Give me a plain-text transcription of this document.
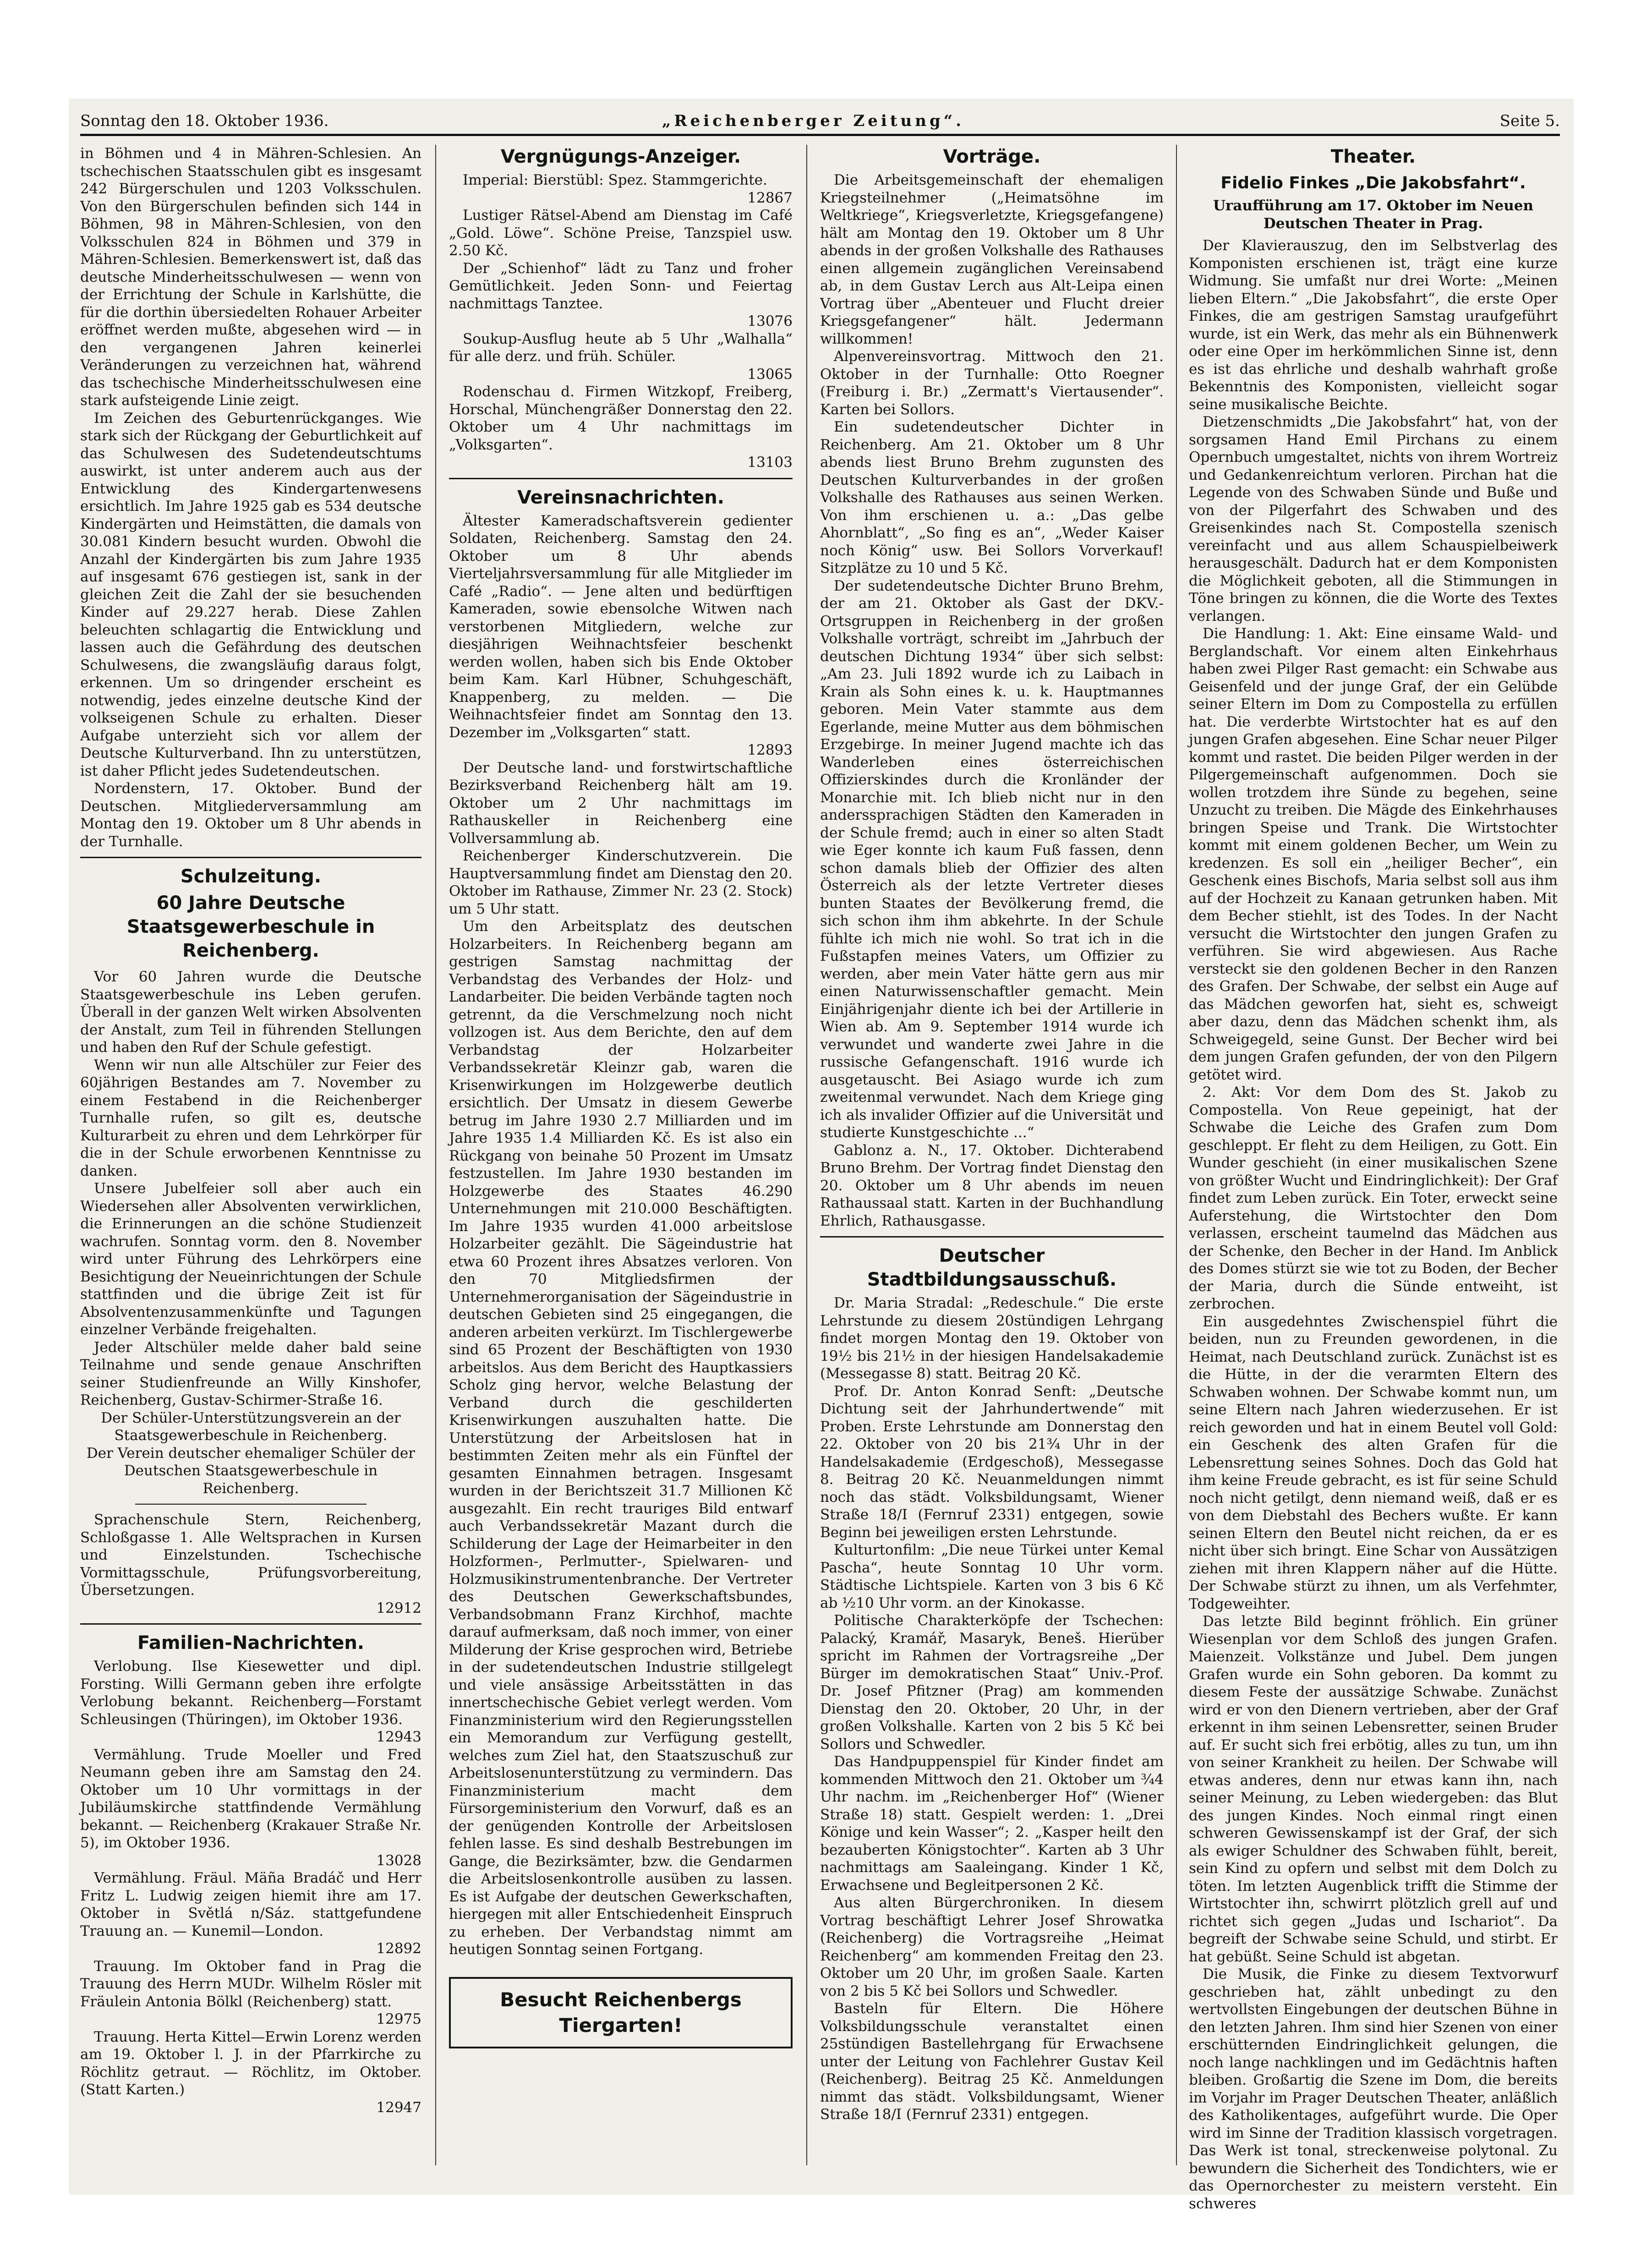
Sonntag den 18. Oktober 1936.	„Reichenberger Zeitung“.	Seite 5.

in Böhmen und 4 in Mähren-Schlesien. An tschechischen Staatsschulen gibt es insgesamt 242 Bürgerschulen und 1203 Volksschulen. Von den Bürgerschulen befinden sich 144 in Böhmen, 98 in Mähren-Schlesien, von den Volksschulen 824 in Böhmen und 379 in Mähren-Schlesien. Bemerkenswert ist, daß das deutsche Minderheitsschulwesen — wenn von der Errichtung der Schule in Karlshütte, die für die dorthin übersiedelten Rohauer Arbeiter eröffnet werden mußte, abgesehen wird — in den vergangenen Jahren keinerlei Veränderungen zu verzeichnen hat, während das tschechische Minderheitsschulwesen eine stark aufsteigende Linie zeigt.

Im Zeichen des Geburtenrückganges. Wie stark sich der Rückgang der Geburtlichkeit auf das Schulwesen des Sudetendeutschtums auswirkt, ist unter anderem auch aus der Entwicklung des Kindergartenwesens ersichtlich. Im Jahre 1925 gab es 534 deutsche Kindergärten und Heimstätten, die damals von 30.081 Kindern besucht wurden. Obwohl die Anzahl der Kindergärten bis zum Jahre 1935 auf insgesamt 676 gestiegen ist, sank in der gleichen Zeit die Zahl der sie besuchenden Kinder auf 29.227 herab. Diese Zahlen beleuchten schlagartig die Entwicklung und lassen auch die Gefährdung des deutschen Schulwesens, die zwangsläufig daraus folgt, erkennen. Um so dringender erscheint es notwendig, jedes einzelne deutsche Kind der volkseigenen Schule zu erhalten. Dieser Aufgabe unterzieht sich vor allem der Deutsche Kulturverband. Ihn zu unterstützen, ist daher Pflicht jedes Sudetendeutschen.

Nordenstern, 17. Oktober. Bund der Deutschen. Mitgliederversammlung am Montag den 19. Oktober um 8 Uhr abends in der Turnhalle.

Schulzeitung.
60 Jahre Deutsche Staatsgewerbeschule in Reichenberg.

Vor 60 Jahren wurde die Deutsche Staatsgewerbeschule ins Leben gerufen. Überall in der ganzen Welt wirken Absolventen der Anstalt, zum Teil in führenden Stellungen und haben den Ruf der Schule gefestigt.

Wenn wir nun alle Altschüler zur Feier des 60jährigen Bestandes am 7. November zu einem Festabend in die Reichenberger Turnhalle rufen, so gilt es, deutsche Kulturarbeit zu ehren und dem Lehrkörper für die in der Schule erworbenen Kenntnisse zu danken.

Unsere Jubelfeier soll aber auch ein Wiedersehen aller Absolventen verwirklichen, die Erinnerungen an die schöne Studienzeit wachrufen. Sonntag vorm. den 8. November wird unter Führung des Lehrkörpers eine Besichtigung der Neueinrichtungen der Schule stattfinden und die übrige Zeit ist für Absolventenzusammenkünfte und Tagungen einzelner Verbände freigehalten.

Jeder Altschüler melde daher bald seine Teilnahme und sende genaue Anschriften seiner Studienfreunde an Willy Kinshofer, Reichenberg, Gustav-Schirmer-Straße 16.

Der Schüler-Unterstützungsverein an der Staatsgewerbeschule in Reichenberg.

Der Verein deutscher ehemaliger Schüler der Deutschen Staatsgewerbeschule in Reichenberg.

Sprachenschule Stern, Reichenberg, Schloßgasse 1. Alle Weltsprachen in Kursen und Einzelstunden. Tschechische Vormittagsschule, Prüfungsvorbereitung, Übersetzungen.

12912

Familien-Nachrichten.

Verlobung. Ilse Kiesewetter und dipl. Forsting. Willi Germann geben ihre erfolgte Verlobung bekannt. Reichenberg—Forstamt Schleusingen (Thüringen), im Oktober 1936.

12943

Vermählung. Trude Moeller und Fred Neumann geben ihre am Samstag den 24. Oktober um 10 Uhr vormittags in der Jubiläumskirche stattfindende Vermählung bekannt. — Reichenberg (Krakauer Straße Nr. 5), im Oktober 1936.

13028

Vermählung. Fräul. Mäña Bradáč und Herr Fritz L. Ludwig zeigen hiemit ihre am 17. Oktober in Světlá n/Sáz. stattgefundene Trauung an. — Kunemil—London.

12892

Trauung. Im Oktober fand in Prag die Trauung des Herrn MUDr. Wilhelm Rösler mit Fräulein Antonia Bölkl (Reichenberg) statt.

12975

Trauung. Herta Kittel—Erwin Lorenz werden am 19. Oktober l. J. in der Pfarrkirche zu Röchlitz getraut. — Röchlitz, im Oktober. (Statt Karten.)

12947

Vergnügungs-Anzeiger.

Imperial: Bierstübl: Spez. Stammgerichte.

12867

Lustiger Rätsel-Abend am Dienstag im Café „Gold. Löwe“. Schöne Preise, Tanzspiel usw. 2.50 Kč.

Der „Schienhof“ lädt zu Tanz und froher Gemütlichkeit. Jeden Sonn- und Feiertag nachmittags Tanztee.

13076

Soukup-Ausflug heute ab 5 Uhr „Walhalla“ für alle derz. und früh. Schüler.

13065

Rodenschau d. Firmen Witzkopf, Freiberg, Horschal, Münchengräßer Donnerstag den 22. Oktober um 4 Uhr nachmittags im „Volksgarten“.

13103

Vereinsnachrichten.

Ältester Kameradschaftsverein gedienter Soldaten, Reichenberg. Samstag den 24. Oktober um 8 Uhr abends Vierteljahrsversammlung für alle Mitglieder im Café „Radio“. — Jene alten und bedürftigen Kameraden, sowie ebensolche Witwen nach verstorbenen Mitgliedern, welche zur diesjährigen Weihnachtsfeier beschenkt werden wollen, haben sich bis Ende Oktober beim Kam. Karl Hübner, Schuhgeschäft, Knappenberg, zu melden. — Die Weihnachtsfeier findet am Sonntag den 13. Dezember im „Volksgarten“ statt.

12893

Der Deutsche land- und forstwirtschaftliche Bezirksverband Reichenberg hält am 19. Oktober um 2 Uhr nachmittags im Rathauskeller in Reichenberg eine Vollversammlung ab.

Reichenberger Kinderschutzverein. Die Hauptversammlung findet am Dienstag den 20. Oktober im Rathause, Zimmer Nr. 23 (2. Stock) um 5 Uhr statt.

Um den Arbeitsplatz des deutschen Holzarbeiters. In Reichenberg begann am gestrigen Samstag nachmittag der Verbandstag des Verbandes der Holz- und Landarbeiter. Die beiden Verbände tagten noch getrennt, da die Verschmelzung noch nicht vollzogen ist. Aus dem Berichte, den auf dem Verbandstag der Holzarbeiter Verbandssekretär Kleinzr gab, waren die Krisenwirkungen im Holzgewerbe deutlich ersichtlich. Der Umsatz in diesem Gewerbe betrug im Jahre 1930 2.7 Milliarden und im Jahre 1935 1.4 Milliarden Kč. Es ist also ein Rückgang von beinahe 50 Prozent im Umsatz festzustellen. Im Jahre 1930 bestanden im Holzgewerbe des Staates 46.290 Unternehmungen mit 210.000 Beschäftigten. Im Jahre 1935 wurden 41.000 arbeitslose Holzarbeiter gezählt. Die Sägeindustrie hat etwa 60 Prozent ihres Absatzes verloren. Von den 70 Mitgliedsfirmen der Unternehmerorganisation der Sägeindustrie in deutschen Gebieten sind 25 eingegangen, die anderen arbeiten verkürzt. Im Tischlergewerbe sind 65 Prozent der Beschäftigten von 1930 arbeitslos. Aus dem Bericht des Hauptkassiers Scholz ging hervor, welche Belastung der Verband durch die geschilderten Krisenwirkungen auszuhalten hatte. Die Unterstützung der Arbeitslosen hat in bestimmten Zeiten mehr als ein Fünftel der gesamten Einnahmen betragen. Insgesamt wurden in der Berichtszeit 31.7 Millionen Kč ausgezahlt. Ein recht trauriges Bild entwarf auch Verbandssekretär Mazant durch die Schilderung der Lage der Heimarbeiter in den Holzformen-, Perlmutter-, Spielwaren- und Holzmusikinstrumentenbranche. Der Vertreter des Deutschen Gewerkschaftsbundes, Verbandsobmann Franz Kirchhof, machte darauf aufmerksam, daß noch immer, von einer Milderung der Krise gesprochen wird, Betriebe in der sudetendeutschen Industrie stillgelegt und viele ansässige Arbeitsstätten in das innertschechische Gebiet verlegt werden. Vom Finanzministerium wird den Regierungsstellen ein Memorandum zur Verfügung gestellt, welches zum Ziel hat, den Staatszuschuß zur Arbeitslosenunterstützung zu vermindern. Das Finanzministerium macht dem Fürsorgeministerium den Vorwurf, daß es an der genügenden Kontrolle der Arbeitslosen fehlen lasse. Es sind deshalb Bestrebungen im Gange, die Bezirksämter, bzw. die Gendarmen die Arbeitslosenkontrolle ausüben zu lassen. Es ist Aufgabe der deutschen Gewerkschaften, hiergegen mit aller Entschiedenheit Einspruch zu erheben. Der Verbandstag nimmt am heutigen Sonntag seinen Fortgang.

Besucht Reichenbergs Tiergarten!
Vorträge.

Die Arbeitsgemeinschaft der ehemaligen Kriegsteilnehmer („Heimatsöhne im Weltkriege“, Kriegsverletzte, Kriegsgefangene) hält am Montag den 19. Oktober um 8 Uhr abends in der großen Volkshalle des Rathauses einen allgemein zugänglichen Vereinsabend ab, in dem Gustav Lerch aus Alt-Leipa einen Vortrag über „Abenteuer und Flucht dreier Kriegsgefangener“ hält. Jedermann willkommen!

Alpenvereinsvortrag. Mittwoch den 21. Oktober in der Turnhalle: Otto Roegner (Freiburg i. Br.) „Zermatt's Viertausender“. Karten bei Sollors.

Ein sudetendeutscher Dichter in Reichenberg. Am 21. Oktober um 8 Uhr abends liest Bruno Brehm zugunsten des Deutschen Kulturverbandes in der großen Volkshalle des Rathauses aus seinen Werken. Von ihm erschienen u. a.: „Das gelbe Ahornblatt“, „So fing es an“, „Weder Kaiser noch König“ usw. Bei Sollors Vorverkauf! Sitzplätze zu 10 und 5 Kč.

Der sudetendeutsche Dichter Bruno Brehm, der am 21. Oktober als Gast der DKV.-Ortsgruppen in Reichenberg in der großen Volkshalle vorträgt, schreibt im „Jahrbuch der deutschen Dichtung 1934“ über sich selbst: „Am 23. Juli 1892 wurde ich zu Laibach in Krain als Sohn eines k. u. k. Hauptmannes geboren. Mein Vater stammte aus dem Egerlande, meine Mutter aus dem böhmischen Erzgebirge. In meiner Jugend machte ich das Wanderleben eines österreichischen Offizierskindes durch die Kronländer der Monarchie mit. Ich blieb nicht nur in den anderssprachigen Städten den Kameraden in der Schule fremd; auch in einer so alten Stadt wie Eger konnte ich kaum Fuß fassen, denn schon damals blieb der Offizier des alten Österreich als der letzte Vertreter dieses bunten Staates der Bevölkerung fremd, die sich schon ihm ihm abkehrte. In der Schule fühlte ich mich nie wohl. So trat ich in die Fußstapfen meines Vaters, um Offizier zu werden, aber mein Vater hätte gern aus mir einen Naturwissenschaftler gemacht. Mein Einjährigenjahr diente ich bei der Artillerie in Wien ab. Am 9. September 1914 wurde ich verwundet und wanderte zwei Jahre in die russische Gefangenschaft. 1916 wurde ich ausgetauscht. Bei Asiago wurde ich zum zweitenmal verwundet. Nach dem Kriege ging ich als invalider Offizier auf die Universität und studierte Kunstgeschichte ...“

Gablonz a. N., 17. Oktober. Dichterabend Bruno Brehm. Der Vortrag findet Dienstag den 20. Oktober um 8 Uhr abends im neuen Rathaussaal statt. Karten in der Buchhandlung Ehrlich, Rathausgasse.

Deutscher Stadtbildungsausschuß.

Dr. Maria Stradal: „Redeschule.“ Die erste Lehrstunde zu diesem 20stündigen Lehrgang findet morgen Montag den 19. Oktober von 19½ bis 21½ in der hiesigen Handelsakademie (Messegasse 8) statt. Beitrag 20 Kč.

Prof. Dr. Anton Konrad Senft: „Deutsche Dichtung seit der Jahrhundertwende“ mit Proben. Erste Lehrstunde am Donnerstag den 22. Oktober von 20 bis 21¾ Uhr in der Handelsakademie (Erdgeschoß), Messegasse 8. Beitrag 20 Kč. Neuanmeldungen nimmt noch das städt. Volksbildungsamt, Wiener Straße 18/I (Fernruf 2331) entgegen, sowie Beginn bei jeweiligen ersten Lehrstunde.

Kulturtonfilm: „Die neue Türkei unter Kemal Pascha“, heute Sonntag 10 Uhr vorm. Städtische Lichtspiele. Karten von 3 bis 6 Kč ab ½10 Uhr vorm. an der Kinokasse.

Politische Charakterköpfe der Tschechen: Palacký, Kramář, Masaryk, Beneš. Hierüber spricht im Rahmen der Vortragsreihe „Der Bürger im demokratischen Staat“ Univ.-Prof. Dr. Josef Pfitzner (Prag) am kommenden Dienstag den 20. Oktober, 20 Uhr, in der großen Volkshalle. Karten von 2 bis 5 Kč bei Sollors und Schwedler.

Das Handpuppenspiel für Kinder findet am kommenden Mittwoch den 21. Oktober um ¾4 Uhr nachm. im „Reichenberger Hof“ (Wiener Straße 18) statt. Gespielt werden: 1. „Drei Könige und kein Wasser“; 2. „Kasper heilt den bezauberten Königstochter“. Karten ab 3 Uhr nachmittags am Saaleingang. Kinder 1 Kč, Erwachsene und Begleitpersonen 2 Kč.

Aus alten Bürgerchroniken. In diesem Vortrag beschäftigt Lehrer Josef Shrowatka (Reichenberg) die Vortragsreihe „Heimat Reichenberg“ am kommenden Freitag den 23. Oktober um 20 Uhr, im großen Saale. Karten von 2 bis 5 Kč bei Sollors und Schwedler.

Basteln für Eltern. Die Höhere Volksbildungsschule veranstaltet einen 25stündigen Bastellehrgang für Erwachsene unter der Leitung von Fachlehrer Gustav Keil (Reichenberg). Beitrag 25 Kč. Anmeldungen nimmt das städt. Volksbildungsamt, Wiener Straße 18/I (Fernruf 2331) entgegen.

Theater.
Fidelio Finkes „Die Jakobsfahrt“.

Uraufführung am 17. Oktober im Neuen Deutschen Theater in Prag.

Der Klavierauszug, den im Selbstverlag des Komponisten erschienen ist, trägt eine kurze Widmung. Sie umfaßt nur drei Worte: „Meinen lieben Eltern.“ „Die Jakobsfahrt“, die erste Oper Finkes, die am gestrigen Samstag uraufgeführt wurde, ist ein Werk, das mehr als ein Bühnenwerk oder eine Oper im herkömmlichen Sinne ist, denn es ist das ehrliche und deshalb wahrhaft große Bekenntnis des Komponisten, vielleicht sogar seine musikalische Beichte.

Dietzenschmidts „Die Jakobsfahrt“ hat, von der sorgsamen Hand Emil Pirchans zu einem Opernbuch umgestaltet, nichts von ihrem Wortreiz und Gedankenreichtum verloren. Pirchan hat die Legende von des Schwaben Sünde und Buße und von der Pilgerfahrt des Schwaben und des Greisenkindes nach St. Compostella szenisch vereinfacht und aus allem Schauspielbeiwerk herausgeschält. Dadurch hat er dem Komponisten die Möglichkeit geboten, all die Stimmungen in Töne bringen zu können, die die Worte des Textes verlangen.

Die Handlung: 1. Akt: Eine einsame Wald- und Berglandschaft. Vor einem alten Einkehrhaus haben zwei Pilger Rast gemacht: ein Schwabe aus Geisenfeld und der junge Graf, der ein Gelübde seiner Eltern im Dom zu Compostella zu erfüllen hat. Die verderbte Wirtstochter hat es auf den jungen Grafen abgesehen. Eine Schar neuer Pilger kommt und rastet. Die beiden Pilger werden in der Pilgergemeinschaft aufgenommen. Doch sie wollen trotzdem ihre Sünde zu begehen, seine Unzucht zu treiben. Die Mägde des Einkehrhauses bringen Speise und Trank. Die Wirtstochter kommt mit einem goldenen Becher, um Wein zu kredenzen. Es soll ein „heiliger Becher“, ein Geschenk eines Bischofs, Maria selbst soll aus ihm auf der Hochzeit zu Kanaan getrunken haben. Mit dem Becher stiehlt, ist des Todes. In der Nacht versucht die Wirtstochter den jungen Grafen zu verführen. Sie wird abgewiesen. Aus Rache versteckt sie den goldenen Becher in den Ranzen des Grafen. Der Schwabe, der selbst ein Auge auf das Mädchen geworfen hat, sieht es, schweigt aber dazu, denn das Mädchen schenkt ihm, als Schweigegeld, seine Gunst. Der Becher wird bei dem jungen Grafen gefunden, der von den Pilgern getötet wird.

2. Akt: Vor dem Dom des St. Jakob zu Compostella. Von Reue gepeinigt, hat der Schwabe die Leiche des Grafen zum Dom geschleppt. Er fleht zu dem Heiligen, zu Gott. Ein Wunder geschieht (in einer musikalischen Szene von größter Wucht und Eindringlichkeit): Der Graf findet zum Leben zurück. Ein Toter, erweckt seine Auferstehung, die Wirtstochter den Dom verlassen, erscheint taumelnd das Mädchen aus der Schenke, den Becher in der Hand. Im Anblick des Domes stürzt sie wie tot zu Boden, der Becher der Maria, durch die Sünde entweiht, ist zerbrochen.

Ein ausgedehntes Zwischenspiel führt die beiden, nun zu Freunden gewordenen, in die Heimat, nach Deutschland zurück. Zunächst ist es die Hütte, in der die verarmten Eltern des Schwaben wohnen. Der Schwabe kommt nun, um seine Eltern nach Jahren wiederzusehen. Er ist reich geworden und hat in einem Beutel voll Gold: ein Geschenk des alten Grafen für die Lebensrettung seines Sohnes. Doch das Gold hat ihm keine Freude gebracht, es ist für seine Schuld noch nicht getilgt, denn niemand weiß, daß er es von dem Diebstahl des Bechers wußte. Er kann seinen Eltern den Beutel nicht reichen, da er es nicht über sich bringt. Eine Schar von Aussätzigen ziehen mit ihren Klappern näher auf die Hütte. Der Schwabe stürzt zu ihnen, um als Verfehmter, Todgeweihter.

Das letzte Bild beginnt fröhlich. Ein grüner Wiesenplan vor dem Schloß des jungen Grafen. Maienzeit. Volkstänze und Jubel. Dem jungen Grafen wurde ein Sohn geboren. Da kommt zu diesem Feste der aussätzige Schwabe. Zunächst wird er von den Dienern vertrieben, aber der Graf erkennt in ihm seinen Lebensretter, seinen Bruder auf. Er sucht sich frei erbötig, alles zu tun, um ihn von seiner Krankheit zu heilen. Der Schwabe will etwas anderes, denn nur etwas kann ihn, nach seiner Meinung, zu Leben wiedergeben: das Blut des jungen Kindes. Noch einmal ringt einen schweren Gewissenskampf ist der Graf, der sich als ewiger Schuldner des Schwaben fühlt, bereit, sein Kind zu opfern und selbst mit dem Dolch zu töten. Im letzten Augenblick trifft die Stimme der Wirtstochter ihn, schwirrt plötzlich grell auf und richtet sich gegen „Judas und Ischariot“. Da begreift der Schwabe seine Schuld, und stirbt. Er hat gebüßt. Seine Schuld ist abgetan.

Die Musik, die Finke zu diesem Textvorwurf geschrieben hat, zählt unbedingt zu den wertvollsten Eingebungen der deutschen Bühne in den letzten Jahren. Ihm sind hier Szenen von einer erschütternden Eindringlichkeit gelungen, die noch lange nachklingen und im Gedächtnis haften bleiben. Großartig die Szene im Dom, die bereits im Vorjahr im Prager Deutschen Theater, anläßlich des Katholikentages, aufgeführt wurde. Die Oper wird im Sinne der Tradition klassisch vorgetragen. Das Werk ist tonal, streckenweise polytonal. Zu bewundern die Sicherheit des Tondichters, wie er das Opernorchester zu meistern versteht. Ein schweres
